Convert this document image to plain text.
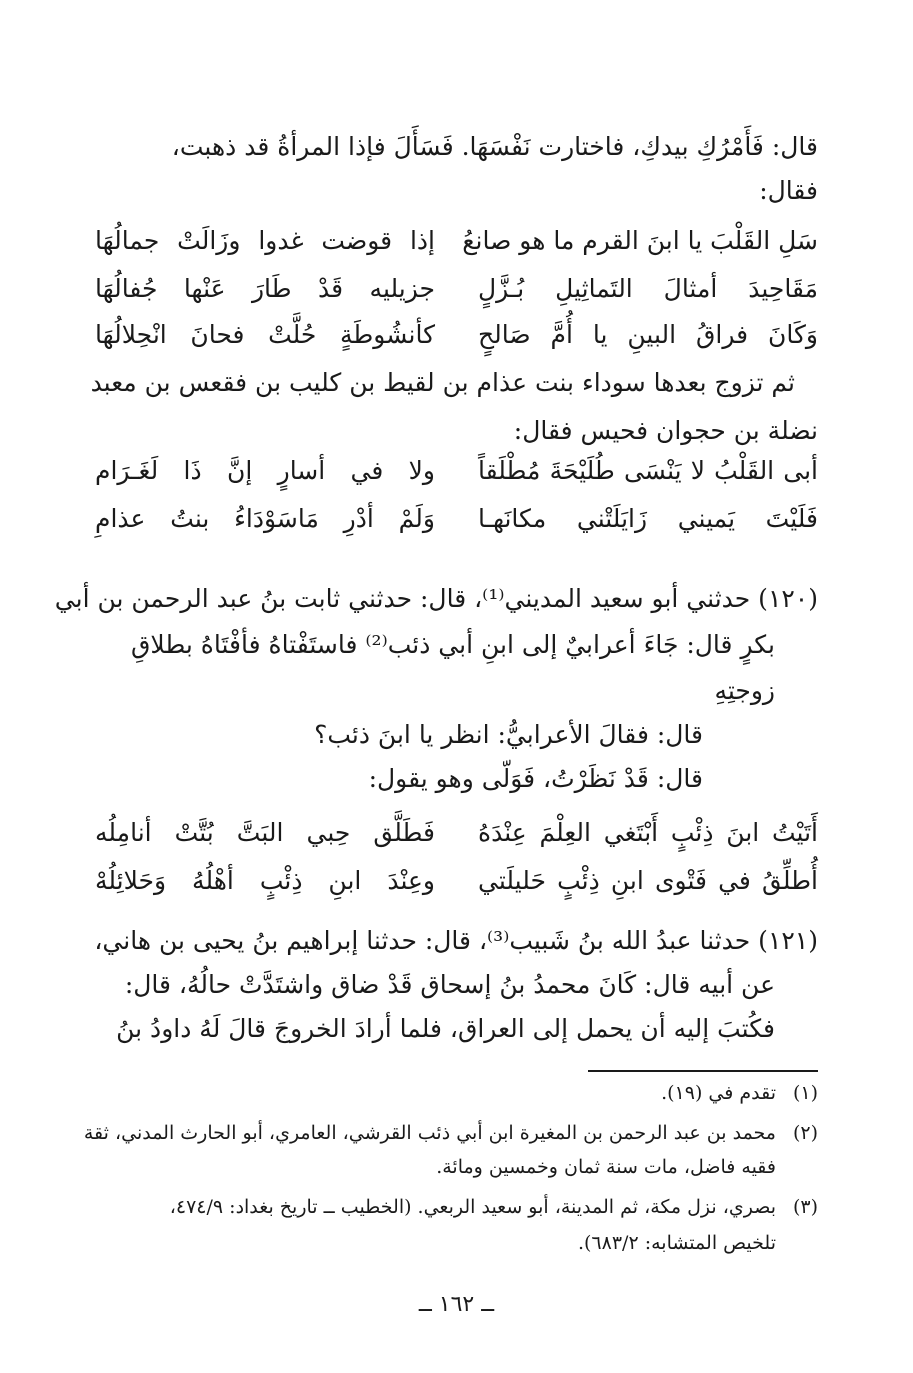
قال: فَأَمْرُكِ بيدكِ، فاختارت نَفْسَهَا. فَسَأَلَ فإذا المرأةُ قد ذهبت،
فقال:
سَلِ القَلْبَ يا ابنَ القرم ما هو صانعُ
إذا قوضت غدوا وزَالَتْ جمالُهَا
مَقَاحِيدَ أمثالَ التَماثِيلِ بُـزَّلٍ
جزيليه قَدْ طَارَ عَنْها جُفالُهَا
وَكَانَ فراقُ البينِ يا أُمَّ صَالحٍ
كأنشُوطَةٍ حُلَّتْ فحانَ انْحِلالُهَا
ثم تزوج بعدها سوداء بنت عذام بن لقيط بن كليب بن فقعس بن معبد
نضلة بن حجوان فحيس فقال:
أبى القَلْبُ لا يَنْسَى طُلَيْحَةَ مُطْلَقاً
ولا في أسارٍ إنَّ ذَا لَغَـرَام
فَلَيْتَ يَميني زَايَلَتْني مكانَهـا
وَلَمْ أدْرِ مَاسَوْدَاءُ بنتُ عذامِ
(١٢٠) حدثني أبو سعيد المديني⁽¹⁾، قال: حدثني ثابت بنُ عبد الرحمن بن أبي
بكرٍ قال: جَاءَ أعرابيٌ إلى ابنِ أبي ذئب⁽²⁾ فاستَفْتاهُ فأفْتَاهُ بطلاقِ
زوجتِهِ
قال: فقالَ الأعرابيُّ: انظر يا ابنَ ذئب؟
قال: قَدْ نَظَرْتُ، فَوَلّى وهو يقول:
أَتَيْتُ ابنَ ذِئْبٍ أَبْتَغي العِلْمَ عِنْدَهُ
فَطَلَّق حِبي البَتَّ بُتَّتْ أنامِلُه
أُطلِّقُ في فَتْوى ابنِ ذِئْبٍ حَليلَتي
وعِنْدَ ابنِ ذِئْبٍ أهْلُهُ وَحَلائِلُهْ
(١٢١) حدثنا عبدُ الله بنُ شَبيب⁽³⁾، قال: حدثنا إبراهيم بنُ يحيى بن هاني،
عن أبيه قال: كَانَ محمدُ بنُ إسحاق قَدْ ضاق واشتَدَّتْ حالُهُ، قال:
فكُتبَ إليه أن يحمل إلى العراق، فلما أرادَ الخروجَ قالَ لَهُ داودُ بنُ
(١)تقدم في (١٩).
(٢)محمد بن عبد الرحمن بن المغيرة ابن أبي ذئب القرشي، العامري، أبو الحارث المدني، ثقة
فقيه فاضل، مات سنة ثمان وخمسين ومائة.
(٣)بصري، نزل مكة، ثم المدينة، أبو سعيد الربعي. (الخطيب ــ تاريخ بغداد: ٤٧٤/٩،
تلخيص المتشابه: ٦٨٣/٢).
ــ ١٦٢ ــ
